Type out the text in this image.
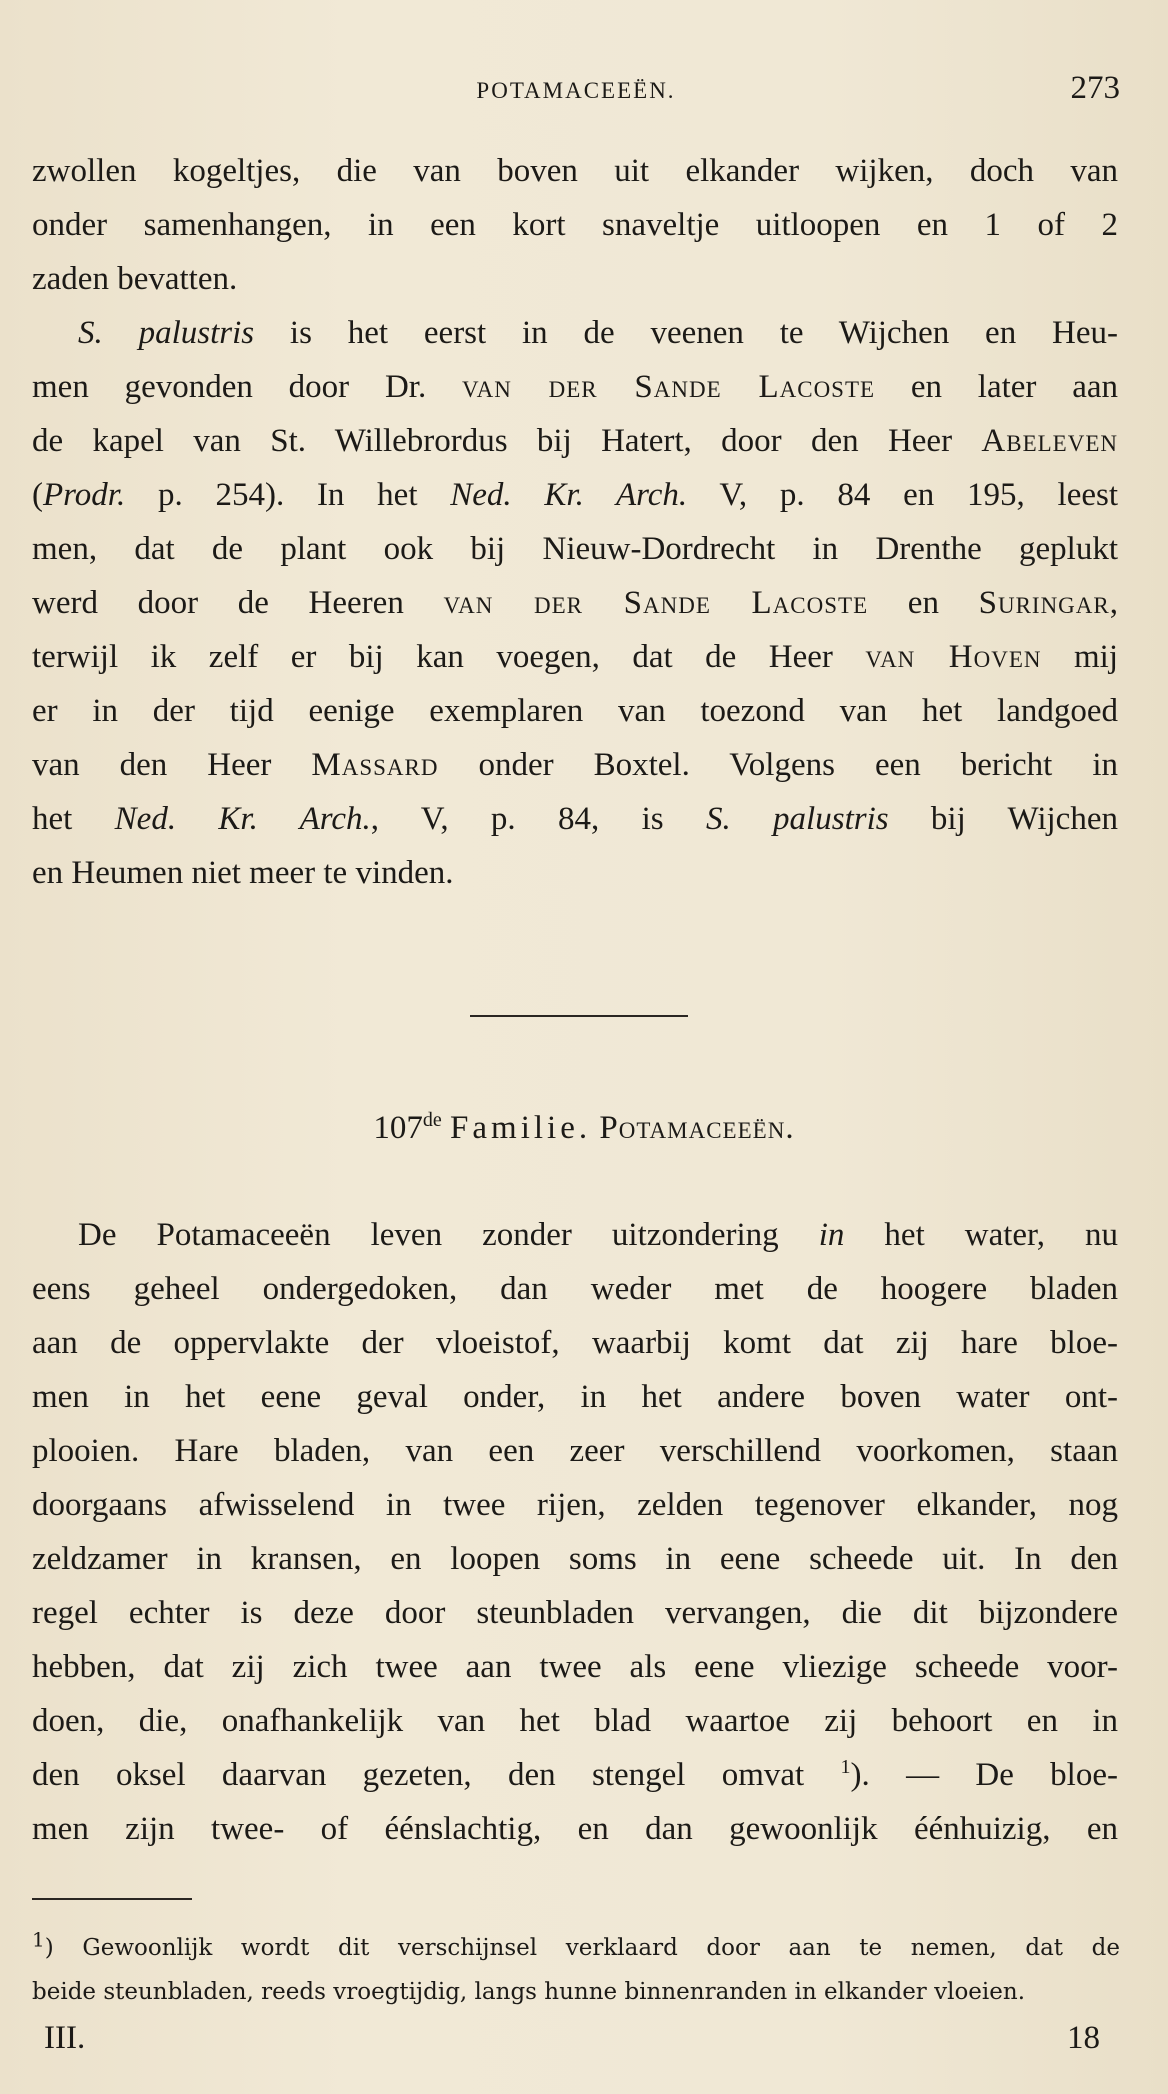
POTAMACEEËN.	273
zwollen kogeltjes, die van boven uit elkander wijken, doch van
onder samenhangen, in een kort snaveltje uitloopen en 1 of 2
zaden bevatten.
S. palustris is het eerst in de veenen te Wijchen en Heu-
men gevonden door Dr. van der Sande Lacoste en later aan
de kapel van St. Willebrordus bij Hatert, door den Heer Abeleven
(Prodr. p. 254). In het Ned. Kr. Arch. V, p. 84 en 195, leest
men, dat de plant ook bij Nieuw-Dordrecht in Drenthe geplukt
werd door de Heeren van der Sande Lacoste en Suringar,
terwijl ik zelf er bij kan voegen, dat de Heer van Hoven mij
er in der tijd eenige exemplaren van toezond van het landgoed
van den Heer Massard onder Boxtel. Volgens een bericht in
het Ned. Kr. Arch., V, p. 84, is S. palustris bij Wijchen
en Heumen niet meer te vinden.
107de Familie. Potamaceeën.
De Potamaceeën leven zonder uitzondering in het water, nu
eens geheel ondergedoken, dan weder met de hoogere bladen
aan de oppervlakte der vloeistof, waarbij komt dat zij hare bloe-
men in het eene geval onder, in het andere boven water ont-
plooien. Hare bladen, van een zeer verschillend voorkomen, staan
doorgaans afwisselend in twee rijen, zelden tegenover elkander, nog
zeldzamer in kransen, en loopen soms in eene scheede uit. In den
regel echter is deze door steunbladen vervangen, die dit bijzondere
hebben, dat zij zich twee aan twee als eene vliezige scheede voor-
doen, die, onafhankelijk van het blad waartoe zij behoort en in
den oksel daarvan gezeten, den stengel omvat $^1$). — De bloe-
men zijn twee- of éénslachtig, en dan gewoonlijk éénhuizig, en
$^1$) Gewoonlijk wordt dit verschijnsel verklaard door aan te nemen, dat de
beide steunbladen, reeds vroegtijdig, langs hunne binnenranden in elkander vloeien.
III.	18
